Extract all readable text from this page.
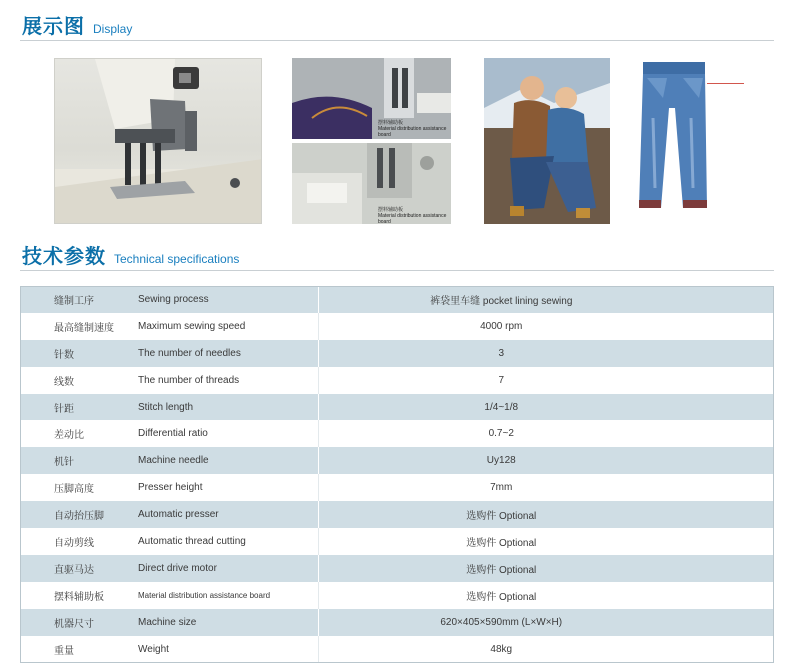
展示图 Display
摆料辅助板
Material distribution assistance board
摆料辅助板
Material distribution assistance board
技术参数 Technical specifications
缝制工序	Sewing process	裤袋里车缝 pocket lining sewing
最高缝制速度	Maximum sewing speed	4000 rpm
针数	The number of needles	3
线数	The number of threads	7
针距	Stitch length	1/4~1/8
差动比	Differential ratio	0.7~2
机针	Machine needle	Uy128
压脚高度	Presser height	7mm
自动抬压脚	Automatic presser	选购件 Optional
自动剪线	Automatic thread cutting	选购件 Optional
直驱马达	Direct drive motor	选购件 Optional
摆料辅助板	Material distribution assistance board	选购件 Optional
机器尺寸	Machine size	620×405×590mm (L×W×H)
重量	Weight	48kg
